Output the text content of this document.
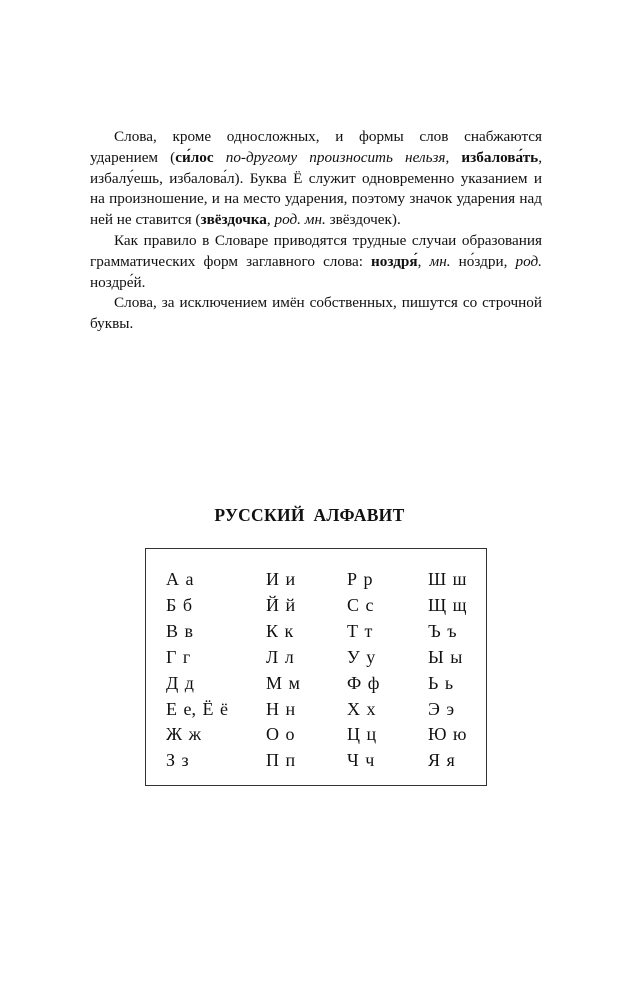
Слова, кроме односложных, и формы слов снабжаются ударением (си́лос по-другому произносить нельзя, избалова́ть, избалу́ешь, избалова́л). Буква Ё служит одновременно указанием и на произношение, и на место ударения, поэтому значок ударения над ней не ставится (звёздочка, род. мн. звёздочек).

Как правило в Словаре приводятся трудные случаи образования грамматических форм заглавного слова: ноздря́, мн. но́здри, род. ноздре́й.

Слова, за исключением имён собственных, пишутся со строчной буквы.

РУССКИЙ АЛФАВИТ
А а
Б б
В в
Г г
Д д
Е е, Ё ё
Ж ж
З з
И и
Й й
К к
Л л
М м
Н н
О о
П п
Р р
С с
Т т
У у
Ф ф
Х х
Ц ц
Ч ч
Ш ш
Щ щ
Ъ ъ
Ы ы
Ь ь
Э э
Ю ю
Я я
